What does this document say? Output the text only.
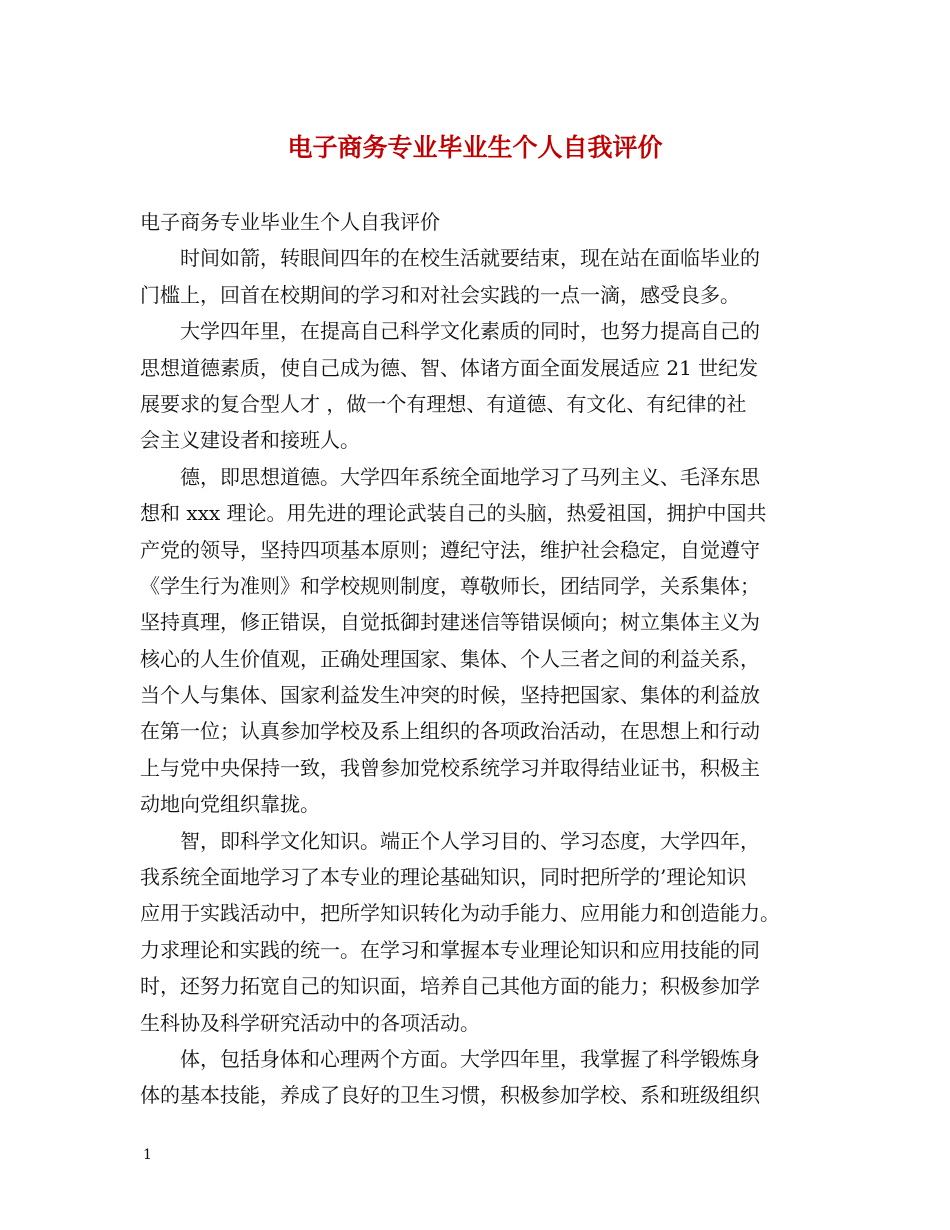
电子商务专业毕业生个人自我评价
电子商务专业毕业生个人自我评价
时间如箭，转眼间四年的在校生活就要结束，现在站在面临毕业的
门槛上，回首在校期间的学习和对社会实践的一点一滴，感受良多。
大学四年里，在提高自己科学文化素质的同时，也努力提高自己的
思想道德素质，使自己成为德、智、体诸方面全面发展适应 21 世纪发
展要求的复合型人才 ，做一个有理想、有道德、有文化、有纪律的社
会主义建设者和接班人。
德，即思想道德。大学四年系统全面地学习了马列主义、毛泽东思
想和 xxx 理论。用先进的理论武装自己的头脑，热爱祖国，拥护中国共
产党的领导，坚持四项基本原则；遵纪守法，维护社会稳定，自觉遵守
《学生行为准则》和学校规则制度，尊敬师长，团结同学，关系集体；
坚持真理，修正错误，自觉抵御封建迷信等错误倾向；树立集体主义为
核心的人生价值观，正确处理国家、集体、个人三者之间的利益关系，
当个人与集体、国家利益发生冲突的时候，坚持把国家、集体的利益放
在第一位；认真参加学校及系上组织的各项政治活动，在思想上和行动
上与党中央保持一致，我曾参加党校系统学习并取得结业证书，积极主
动地向党组织靠拢。
智，即科学文化知识。端正个人学习目的、学习态度，大学四年，
我系统全面地学习了本专业的理论基础知识，同时把所学的’理论知识
应用于实践活动中，把所学知识转化为动手能力、应用能力和创造能力。
力求理论和实践的统一。在学习和掌握本专业理论知识和应用技能的同
时，还努力拓宽自己的知识面，培养自己其他方面的能力；积极参加学
生科协及科学研究活动中的各项活动。
体，包括身体和心理两个方面。大学四年里，我掌握了科学锻炼身
体的基本技能，养成了良好的卫生习惯，积极参加学校、系和班级组织
1
